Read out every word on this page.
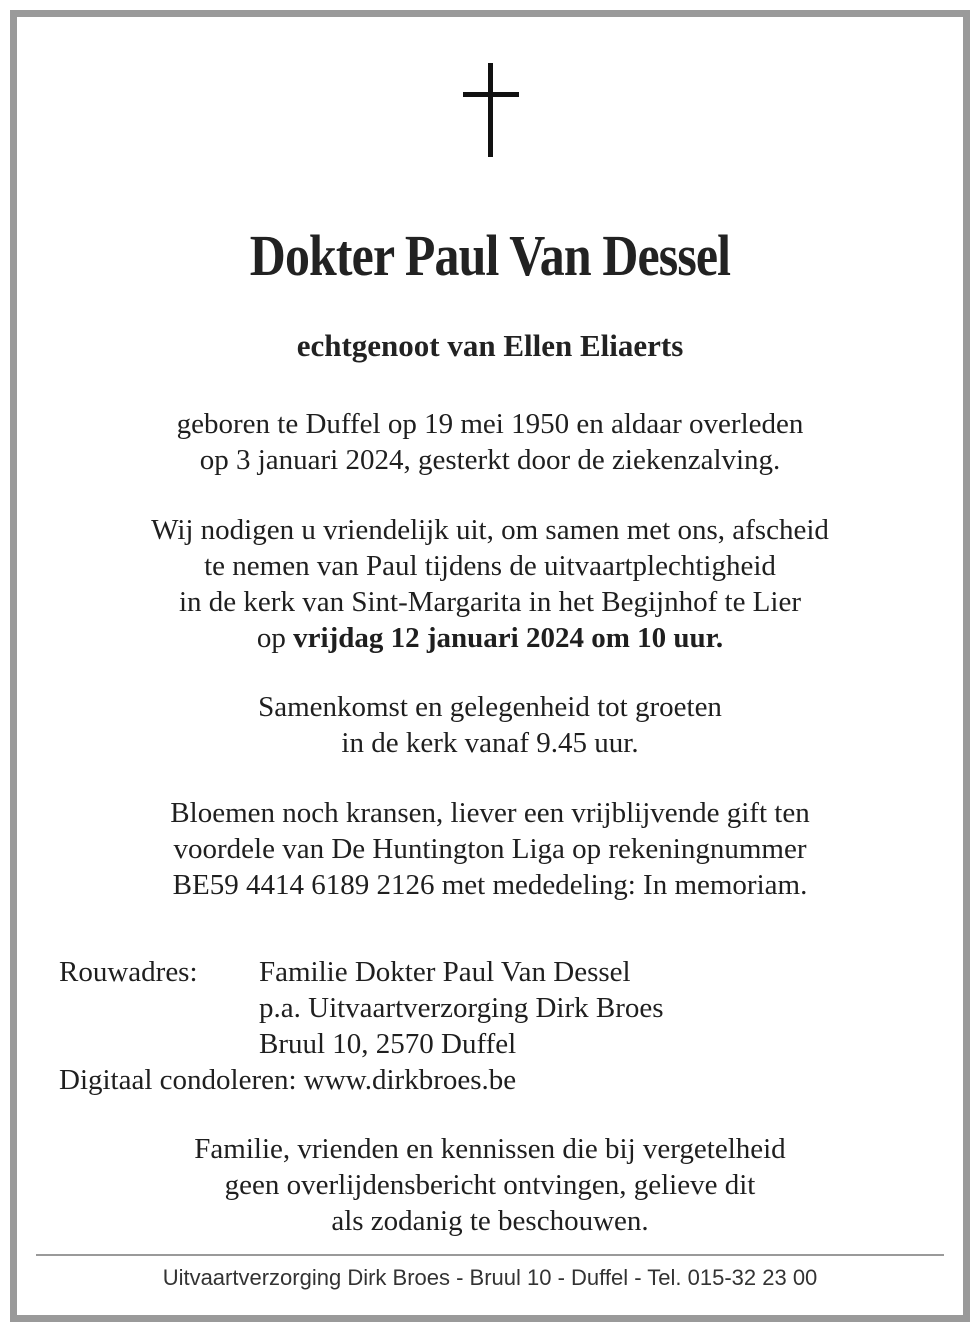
Dokter Paul Van Dessel
echtgenoot van Ellen Eliaerts
geboren te Duffel op 19 mei 1950 en aldaar overleden
op 3 januari 2024, gesterkt door de ziekenzalving.
Wij nodigen u vriendelijk uit, om samen met ons, afscheid
te nemen van Paul tijdens de uitvaartplechtigheid
in de kerk van Sint-Margarita in het Begijnhof te Lier
op vrijdag 12 januari 2024 om 10 uur.
Samenkomst en gelegenheid tot groeten
in de kerk vanaf 9.45 uur.
Bloemen noch kransen, liever een vrijblijvende gift ten
voordele van De Huntington Liga op rekeningnummer
BE59 4414 6189 2126 met mededeling: In memoriam.
Rouwadres: Familie Dokter Paul Van Dessel
p.a. Uitvaartverzorging Dirk Broes
Bruul 10, 2570 Duffel
Digitaal condoleren: www.dirkbroes.be
Familie, vrienden en kennissen die bij vergetelheid
geen overlijdensbericht ontvingen, gelieve dit
als zodanig te beschouwen.
Uitvaartverzorging Dirk Broes - Bruul 10 - Duffel - Tel. 015-32 23 00
